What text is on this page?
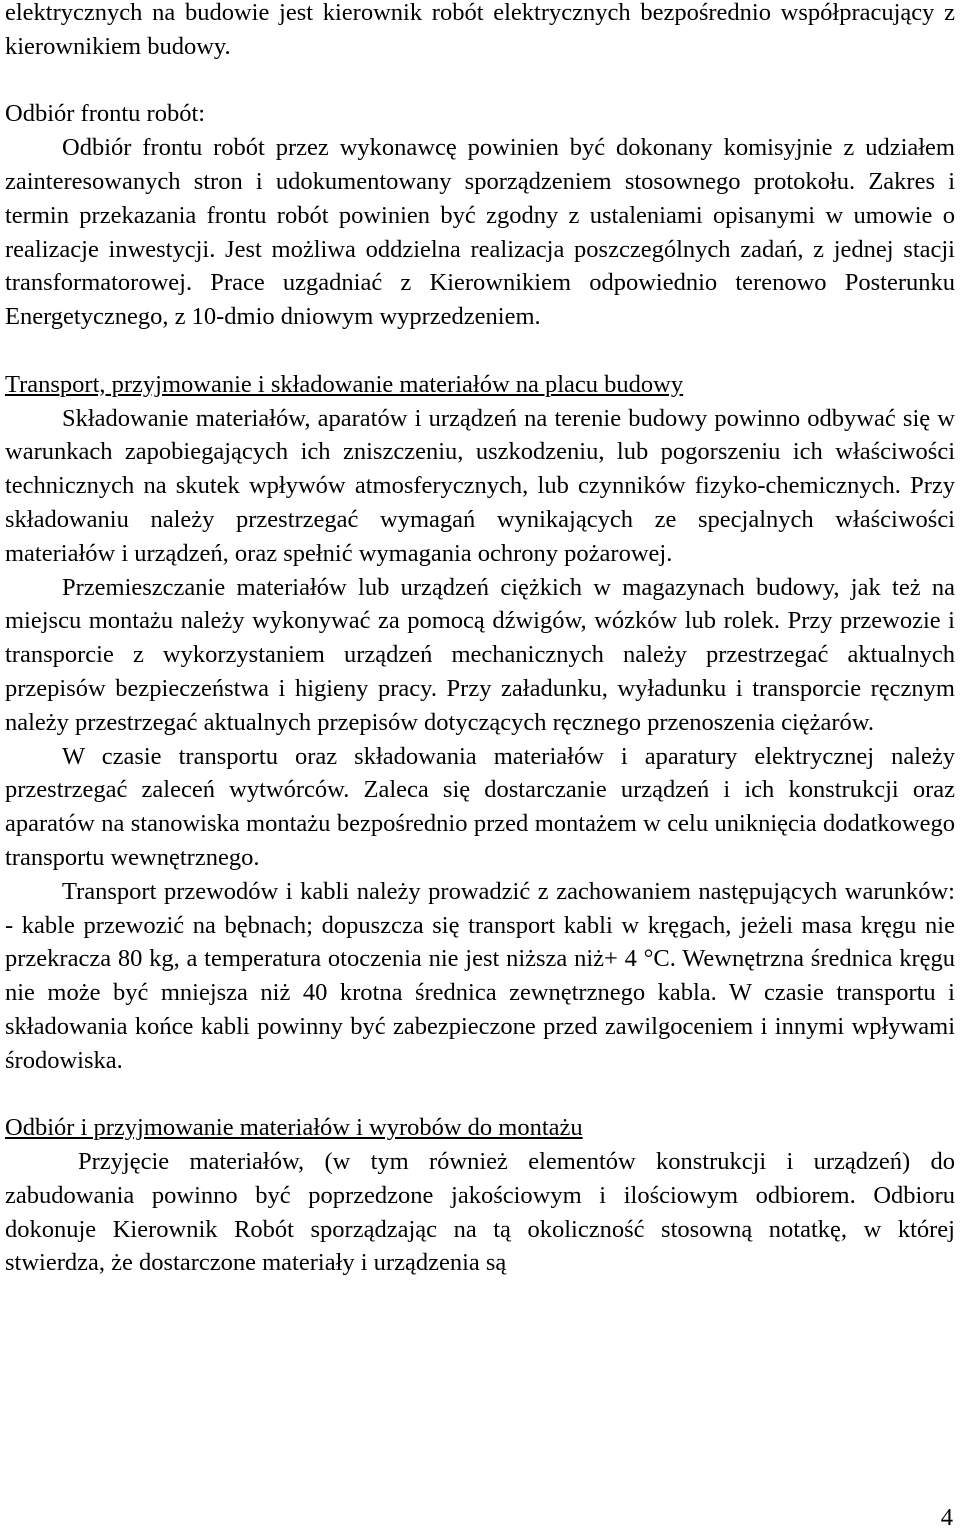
elektrycznych na budowie jest kierownik robót elektrycznych bezpośrednio współpracujący z kierownikiem budowy.

Odbiór frontu robót:

Odbiór frontu robót przez wykonawcę powinien być dokonany komisyjnie z udziałem zainteresowanych stron i udokumentowany sporządzeniem stosownego protokołu. Zakres i termin przekazania frontu robót powinien być zgodny z ustaleniami opisanymi w umowie o realizacje inwestycji. Jest możliwa oddzielna realizacja poszczególnych zadań, z jednej stacji transformatorowej. Prace uzgadniać z Kierownikiem odpowiednio terenowo Posterunku Energetycznego, z 10-dmio dniowym wyprzedzeniem.

Transport, przyjmowanie i składowanie materiałów na placu budowy

Składowanie materiałów, aparatów i urządzeń na terenie budowy powinno odbywać się w warunkach zapobiegających ich zniszczeniu, uszkodzeniu, lub pogorszeniu ich właściwości technicznych na skutek wpływów atmosferycznych, lub czynników fizyko-chemicznych. Przy składowaniu należy przestrzegać wymagań wynikających ze specjalnych właściwości materiałów i urządzeń, oraz spełnić wymagania ochrony pożarowej.

Przemieszczanie materiałów lub urządzeń ciężkich w magazynach budowy, jak też na miejscu montażu należy wykonywać za pomocą dźwigów, wózków lub rolek. Przy przewozie i transporcie z wykorzystaniem urządzeń mechanicznych należy przestrzegać aktualnych przepisów bezpieczeństwa i higieny pracy. Przy załadunku, wyładunku i transporcie ręcznym należy przestrzegać aktualnych przepisów dotyczących ręcznego przenoszenia ciężarów.

W czasie transportu oraz składowania materiałów i aparatury elektrycznej należy przestrzegać zaleceń wytwórców. Zaleca się dostarczanie urządzeń i ich konstrukcji oraz aparatów na stanowiska montażu bezpośrednio przed montażem w celu uniknięcia dodatkowego transportu wewnętrznego.

Transport przewodów i kabli należy prowadzić z zachowaniem następujących warunków: - kable przewozić na bębnach; dopuszcza się transport kabli w kręgach, jeżeli masa kręgu nie przekracza 80 kg, a temperatura otoczenia nie jest niższa niż+ 4 °C. Wewnętrzna średnica kręgu nie może być mniejsza niż 40 krotna średnica zewnętrznego kabla. W czasie transportu i składowania końce kabli powinny być zabezpieczone przed zawilgoceniem i innymi wpływami środowiska.

Odbiór i przyjmowanie materiałów i wyrobów do montażu

Przyjęcie materiałów, (w tym również elementów konstrukcji i urządzeń) do zabudowania powinno być poprzedzone jakościowym i ilościowym odbiorem. Odbioru dokonuje Kierownik Robót sporządzając na tą okoliczność stosowną notatkę, w której stwierdza, że dostarczone materiały i urządzenia są

4
